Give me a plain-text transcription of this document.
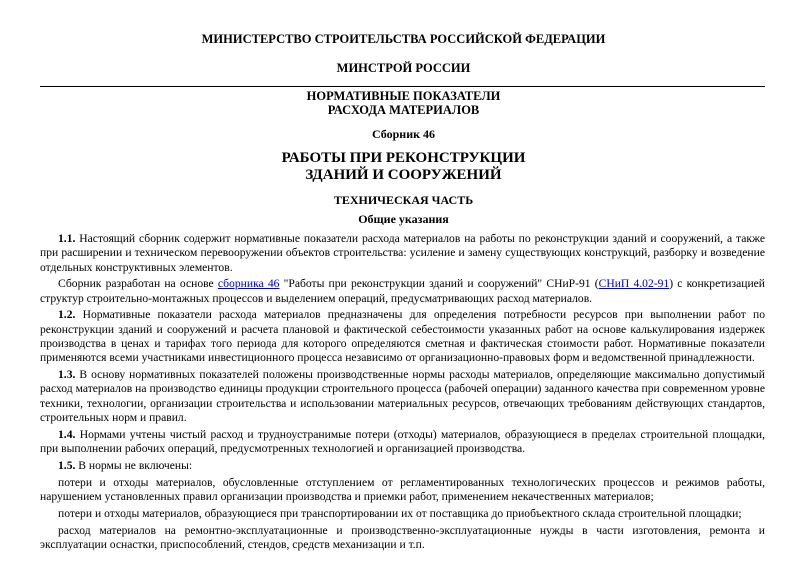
МИНИСТЕРСТВО СТРОИТЕЛЬСТВА РОССИЙСКОЙ ФЕДЕРАЦИИ
МИНСТРОЙ РОССИИ
НОРМАТИВНЫЕ ПОКАЗАТЕЛИ
РАСХОДА МАТЕРИАЛОВ
Сборник 46
РАБОТЫ ПРИ РЕКОНСТРУКЦИИ
ЗДАНИЙ И СООРУЖЕНИЙ
ТЕХНИЧЕСКАЯ ЧАСТЬ
Общие указания

1.1. Настоящий сборник содержит нормативные показатели расхода материалов на работы по реконструкции зданий и сооружений, а также при расширении и техническом перевооружении объектов строительства: усиление и замену существующих конструкций, разборку и возведение отдельных конструктивных элементов.

Сборник разработан на основе сборника 46 "Работы при реконструкции зданий и сооружений" СНиР-91 (СНиП 4.02-91) с конкретизацией структур строительно-монтажных процессов и выделением операций, предусматривающих расход материалов.

1.2. Нормативные показатели расхода материалов предназначены для определения потребности ресурсов при выполнении работ по реконструкции зданий и сооружений и расчета плановой и фактической себестоимости указанных работ на основе калькулирования издержек производства в ценах и тарифах того периода для которого определяются сметная и фактическая стоимости работ. Нормативные показатели применяются всеми участниками инвестиционного процесса независимо от организационно-правовых форм и ведомственной принадлежности.

1.3. В основу нормативных показателей положены производственные нормы расходы материалов, определяющие максимально допустимый расход материалов на производство единицы продукции строительного процесса (рабочей операции) заданного качества при современном уровне техники, технологии, организации строительства и использовании материальных ресурсов, отвечающих требованиям действующих стандартов, строительных норм и правил.

1.4. Нормами учтены чистый расход и трудноустранимые потери (отходы) материалов, образующиеся в пределах строительной площадки, при выполнении рабочих операций, предусмотренных технологией и организацией производства.

1.5. В нормы не включены:

потери и отходы материалов, обусловленные отступлением от регламентированных технологических процессов и режимов работы, нарушением установленных правил организации производства и приемки работ, применением некачественных материалов;

потери и отходы материалов, образующиеся при транспортировании их от поставщика до приобъектного склада строительной площадки;

расход материалов на ремонтно-эксплуатационные и производственно-эксплуатационные нужды в части изготовления, ремонта и эксплуатации оснастки, приспособлений, стендов, средств механизации и т.п.
